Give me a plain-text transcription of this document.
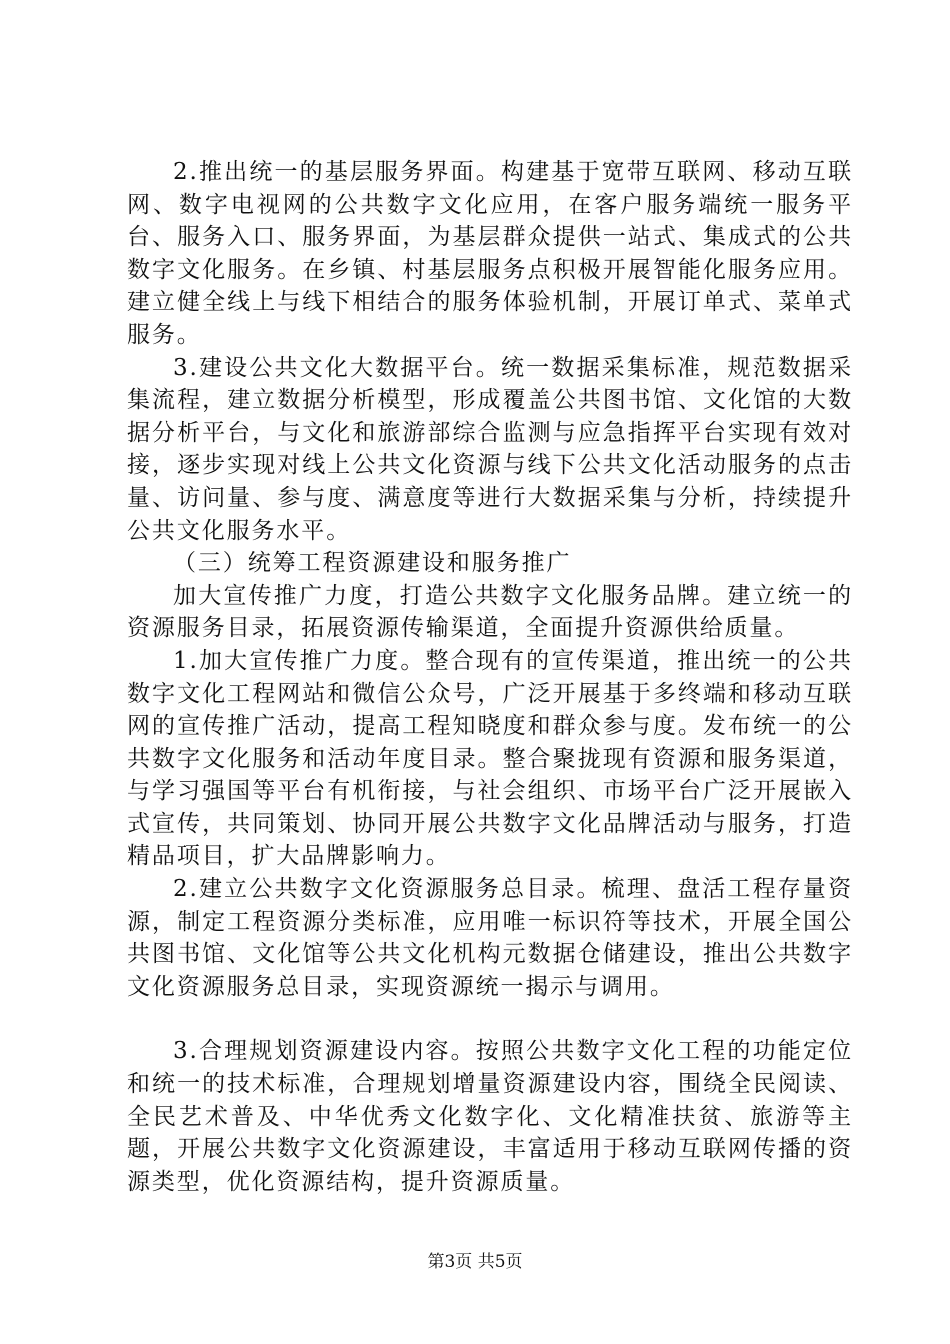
2.推出统一的基层服务界面。构建基于宽带互联网、移动互联网、数字电视网的公共数字文化应用，在客户服务端统一服务平台、服务入口、服务界面，为基层群众提供一站式、集成式的公共数字文化服务。在乡镇、村基层服务点积极开展智能化服务应用。建立健全线上与线下相结合的服务体验机制，开展订单式、菜单式服务。

3.建设公共文化大数据平台。统一数据采集标准，规范数据采集流程，建立数据分析模型，形成覆盖公共图书馆、文化馆的大数据分析平台，与文化和旅游部综合监测与应急指挥平台实现有效对接，逐步实现对线上公共文化资源与线下公共文化活动服务的点击量、访问量、参与度、满意度等进行大数据采集与分析，持续提升公共文化服务水平。

（三）统筹工程资源建设和服务推广

加大宣传推广力度，打造公共数字文化服务品牌。建立统一的资源服务目录，拓展资源传输渠道，全面提升资源供给质量。

1.加大宣传推广力度。整合现有的宣传渠道，推出统一的公共数字文化工程网站和微信公众号，广泛开展基于多终端和移动互联网的宣传推广活动，提高工程知晓度和群众参与度。发布统一的公共数字文化服务和活动年度目录。整合聚拢现有资源和服务渠道，与学习强国等平台有机衔接，与社会组织、市场平台广泛开展嵌入式宣传，共同策划、协同开展公共数字文化品牌活动与服务，打造精品项目，扩大品牌影响力。

2.建立公共数字文化资源服务总目录。梳理、盘活工程存量资源，制定工程资源分类标准，应用唯一标识符等技术，开展全国公共图书馆、文化馆等公共文化机构元数据仓储建设，推出公共数字文化资源服务总目录，实现资源统一揭示与调用。

3.合理规划资源建设内容。按照公共数字文化工程的功能定位和统一的技术标准，合理规划增量资源建设内容，围绕全民阅读、全民艺术普及、中华优秀文化数字化、文化精准扶贫、旅游等主题，开展公共数字文化资源建设，丰富适用于移动互联网传播的资源类型，优化资源结构，提升资源质量。

第3页 共5页
